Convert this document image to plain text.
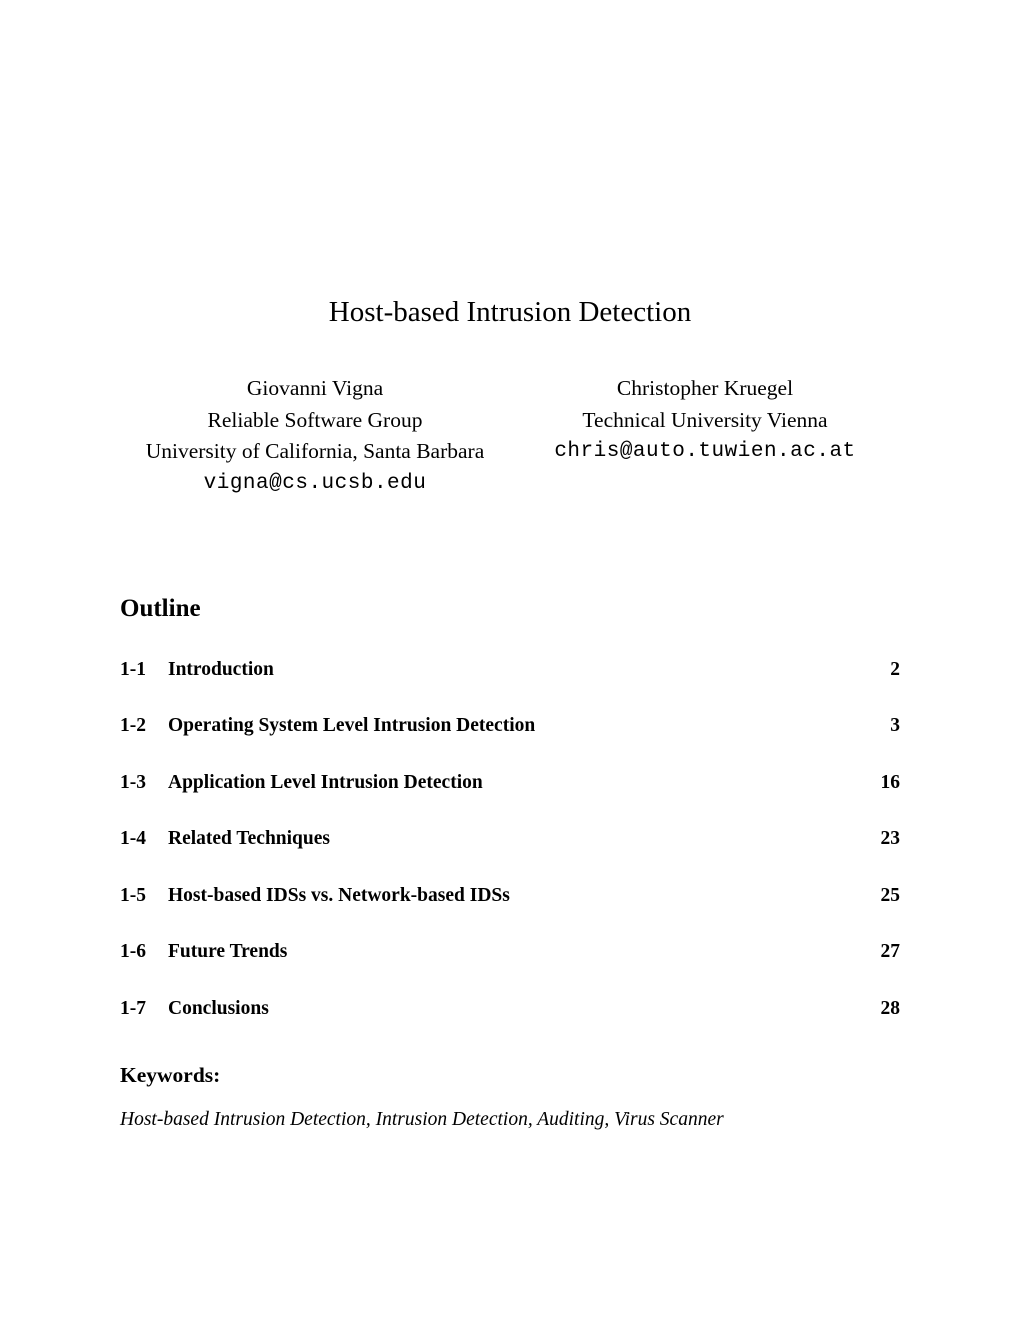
Host-based Intrusion Detection
Giovanni Vigna
Reliable Software Group
University of California, Santa Barbara
vigna@cs.ucsb.edu
Christopher Kruegel
Technical University Vienna
chris@auto.tuwien.ac.at
Outline
1-1	Introduction	2
1-2	Operating System Level Intrusion Detection	3
1-3	Application Level Intrusion Detection	16
1-4	Related Techniques	23
1-5	Host-based IDSs vs. Network-based IDSs	25
1-6	Future Trends	27
1-7	Conclusions	28
Keywords:

Host-based Intrusion Detection, Intrusion Detection, Auditing, Virus Scanner
